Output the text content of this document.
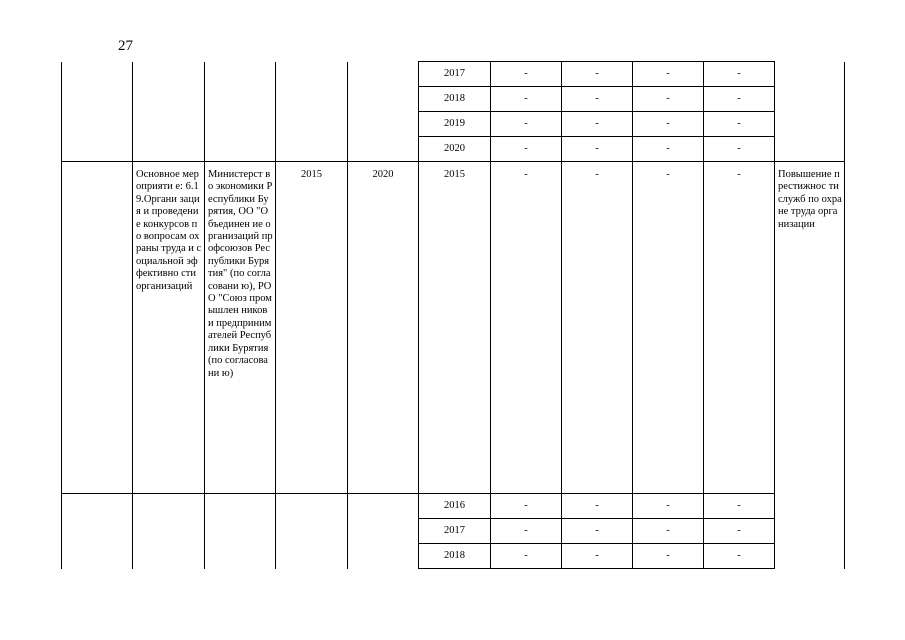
27
					2017	-	-	-	-	
					2018	-	-	-	-	
					2019	-	-	-	-	
					2020	-	-	-	-	
	Основное мероприяти е: 6.19.Органи зация и проведение конкурсов по вопросам охраны труда и социальной эффективно сти организаций	Министерст во экономики Республики Бурятия, ОО "Объединен ие организаций профсоюзов Республики Бурятия" (по согласовани ю), РОО "Союз промышлен ников и предприним ателей Республики Бурятия (по согласовани ю)	2015	2020	2015	-	-	-	-	Повышение престижнос ти служб по охране труда организации
					2016	-	-	-	-	
					2017	-	-	-	-	
					2018	-	-	-	-	
